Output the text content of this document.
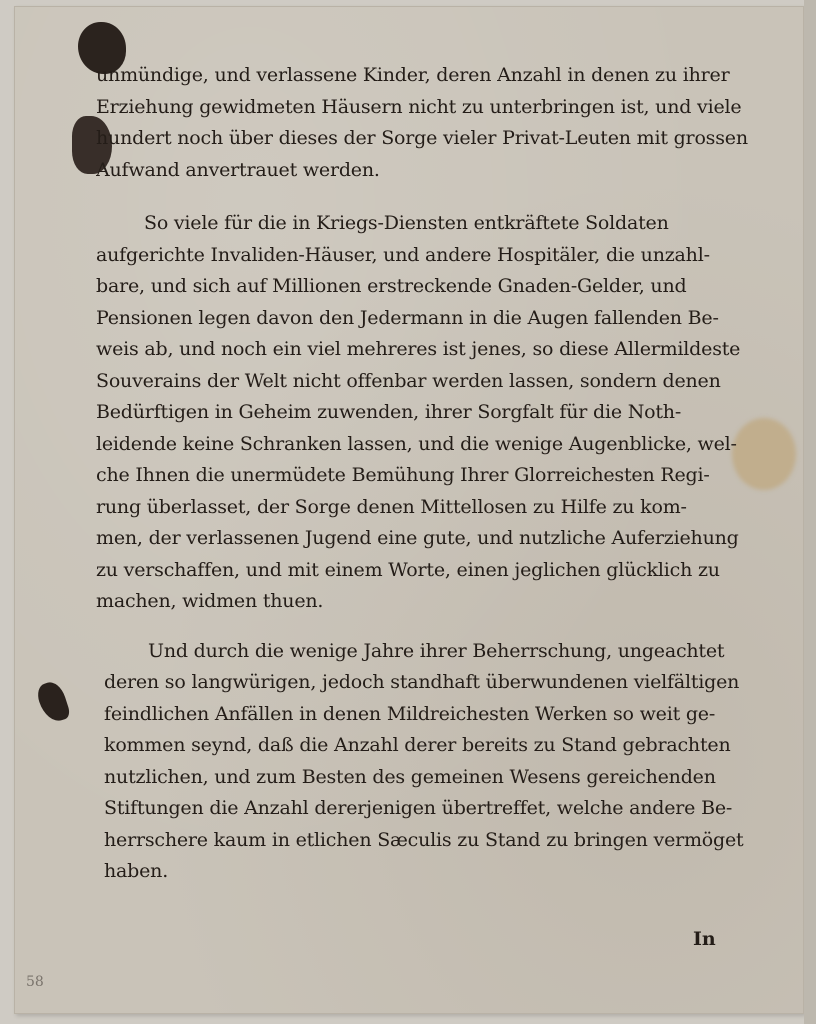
unmündige, und verlassene Kinder, deren Anzahl in denen zu ihrer
Erziehung gewidmeten Häusern nicht zu unterbringen ist, und viele
hundert noch über dieses der Sorge vieler Privat-Leuten mit grossen
Aufwand anvertrauet werden.

So viele für die in Kriegs-Diensten entkräftete Soldaten
aufgerichte Invaliden-Häuser, und andere Hospitäler, die unzahl-
bare, und sich auf Millionen erstreckende Gnaden-Gelder, und
Pensionen legen davon den Jedermann in die Augen fallenden Be-
weis ab, und noch ein viel mehreres ist jenes, so diese Allermildeste
Souverains der Welt nicht offenbar werden lassen, sondern denen
Bedürftigen in Geheim zuwenden, ihrer Sorgfalt für die Noth-
leidende keine Schranken lassen, und die wenige Augenblicke, wel-
che Ihnen die unermüdete Bemühung Ihrer Glorreichesten Regi-
rung überlasset, der Sorge denen Mittellosen zu Hilfe zu kom-
men, der verlassenen Jugend eine gute, und nutzliche Auferziehung
zu verschaffen, und mit einem Worte, einen jeglichen glücklich zu
machen, widmen thuen.

Und durch die wenige Jahre ihrer Beherrschung, ungeachtet
deren so langwürigen, jedoch standhaft überwundenen vielfältigen
feindlichen Anfällen in denen Mildreichesten Werken so weit ge-
kommen seynd, daß die Anzahl derer bereits zu Stand gebrachten
nutzlichen, und zum Besten des gemeinen Wesens gereichenden
Stiftungen die Anzahl dererjenigen übertreffet, welche andere Be-
herrschere kaum in etlichen Sæculis zu Stand zu bringen vermöget
haben.

In
58
